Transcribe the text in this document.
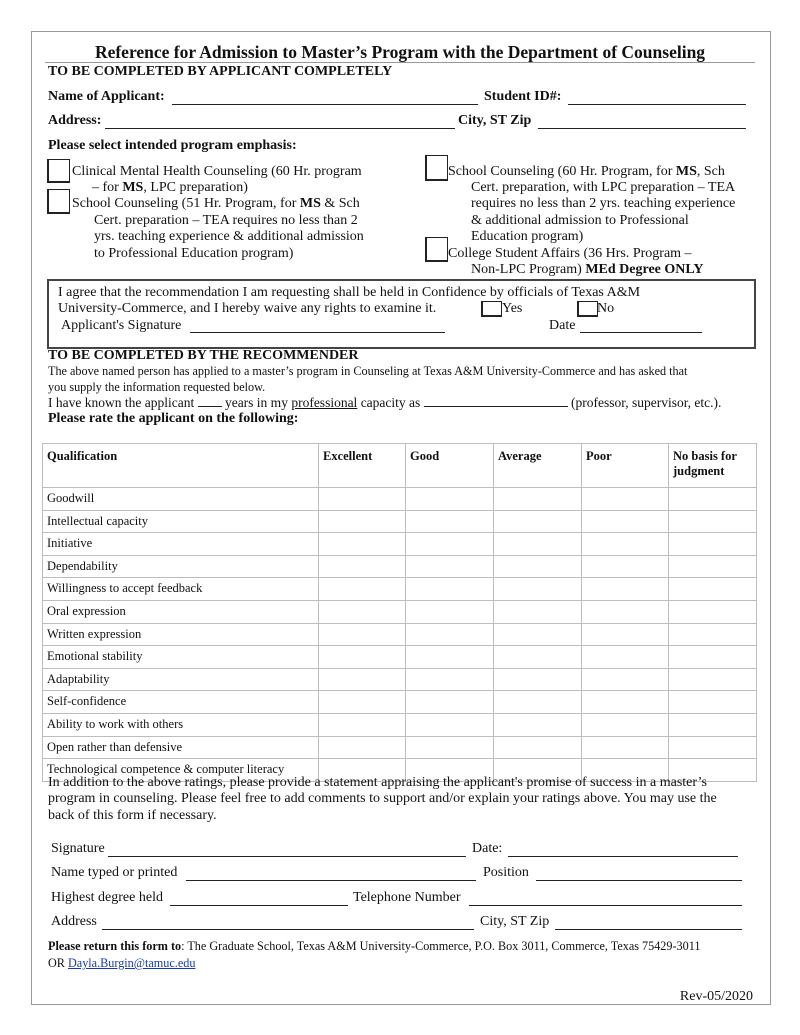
Reference for Admission to Master’s Program with the Department of Counseling
TO BE COMPLETED BY APPLICANT COMPLETELY
Name of Applicant:	Student ID#:
Address:	City, ST Zip
Please select intended program emphasis:
Clinical Mental Health Counseling (60 Hr. program
– for MS, LPC preparation)
School Counseling (51 Hr. Program, for MS & Sch
Cert. preparation – TEA requires no less than 2
yrs. teaching experience & additional admission
to Professional Education program)
School Counseling (60 Hr. Program, for MS, Sch
Cert. preparation, with LPC preparation – TEA
requires no less than 2 yrs. teaching experience
& additional admission to Professional
Education program)
College Student Affairs (36 Hrs. Program –
Non-LPC Program) MEd Degree ONLY
I agree that the recommendation I am requesting shall be held in Confidence by officials of Texas A&M
University-Commerce, and I hereby waive any rights to examine it.	Yes	No
Applicant's Signature	Date
TO BE COMPLETED BY THE RECOMMENDER
The above named person has applied to a master’s program in Counseling at Texas A&M University-Commerce and has asked that
you supply the information requested below.
I have known the applicant years in my professional capacity as	(professor, supervisor, etc.).
Please rate the applicant on the following:
Qualification	Excellent	Good	Average	Poor	No basis for judgment
Goodwill					
Intellectual capacity					
Initiative					
Dependability					
Willingness to accept feedback					
Oral expression					
Written expression					
Emotional stability					
Adaptability					
Self-confidence					
Ability to work with others					
Open rather than defensive					
Technological competence & computer literacy					
In addition to the above ratings, please provide a statement appraising the applicant's promise of success in a master’s
program in counseling. Please feel free to add comments to support and/or explain your ratings above. You may use the
back of this form if necessary.
Signature	Date:
Name typed or printed	Position
Highest degree held	Telephone Number
Address	City, ST Zip
Please return this form to: The Graduate School, Texas A&M University-Commerce, P.O. Box 3011, Commerce, Texas 75429-3011
OR Dayla.Burgin@tamuc.edu
Rev-05/2020
